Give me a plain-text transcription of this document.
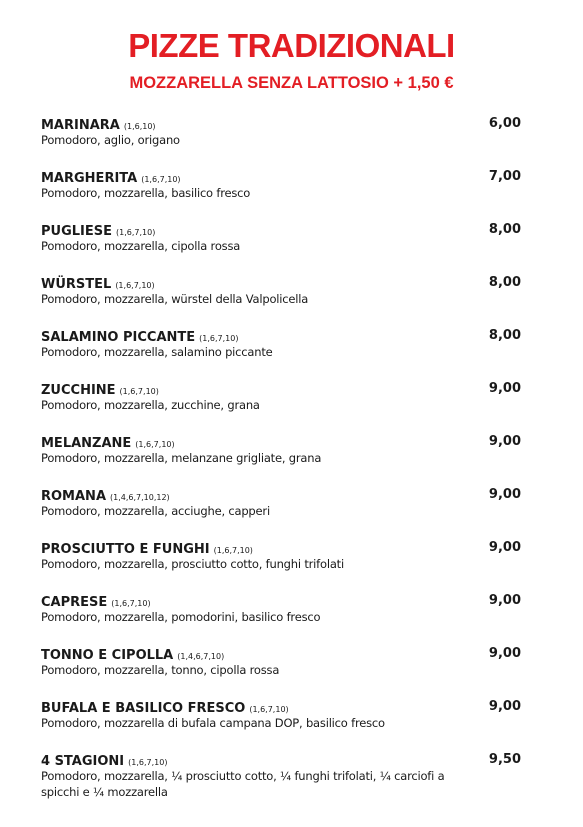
PIZZE TRADIZIONALI
MOZZARELLA SENZA LATTOSIO + 1,50 €
MARINARA (1,6,10)	6,00
Pomodoro, aglio, origano
MARGHERITA (1,6,7,10)	7,00
Pomodoro, mozzarella, basilico fresco
PUGLIESE (1,6,7,10)	8,00
Pomodoro, mozzarella, cipolla rossa
WÜRSTEL (1,6,7,10)	8,00
Pomodoro, mozzarella, würstel della Valpolicella
SALAMINO PICCANTE (1,6,7,10)	8,00
Pomodoro, mozzarella, salamino piccante
ZUCCHINE (1,6,7,10)	9,00
Pomodoro, mozzarella, zucchine, grana
MELANZANE (1,6,7,10)	9,00
Pomodoro, mozzarella, melanzane grigliate, grana
ROMANA (1,4,6,7,10,12)	9,00
Pomodoro, mozzarella, acciughe, capperi
PROSCIUTTO E FUNGHI (1,6,7,10)	9,00
Pomodoro, mozzarella, prosciutto cotto, funghi trifolati
CAPRESE (1,6,7,10)	9,00
Pomodoro, mozzarella, pomodorini, basilico fresco
TONNO E CIPOLLA (1,4,6,7,10)	9,00
Pomodoro, mozzarella, tonno, cipolla rossa
BUFALA E BASILICO FRESCO (1,6,7,10)	9,00
Pomodoro, mozzarella di bufala campana DOP, basilico fresco
4 STAGIONI (1,6,7,10)	9,50
Pomodoro, mozzarella, ¼ prosciutto cotto, ¼ funghi trifolati, ¼ carciofi a spicchi e ¼ mozzarella
